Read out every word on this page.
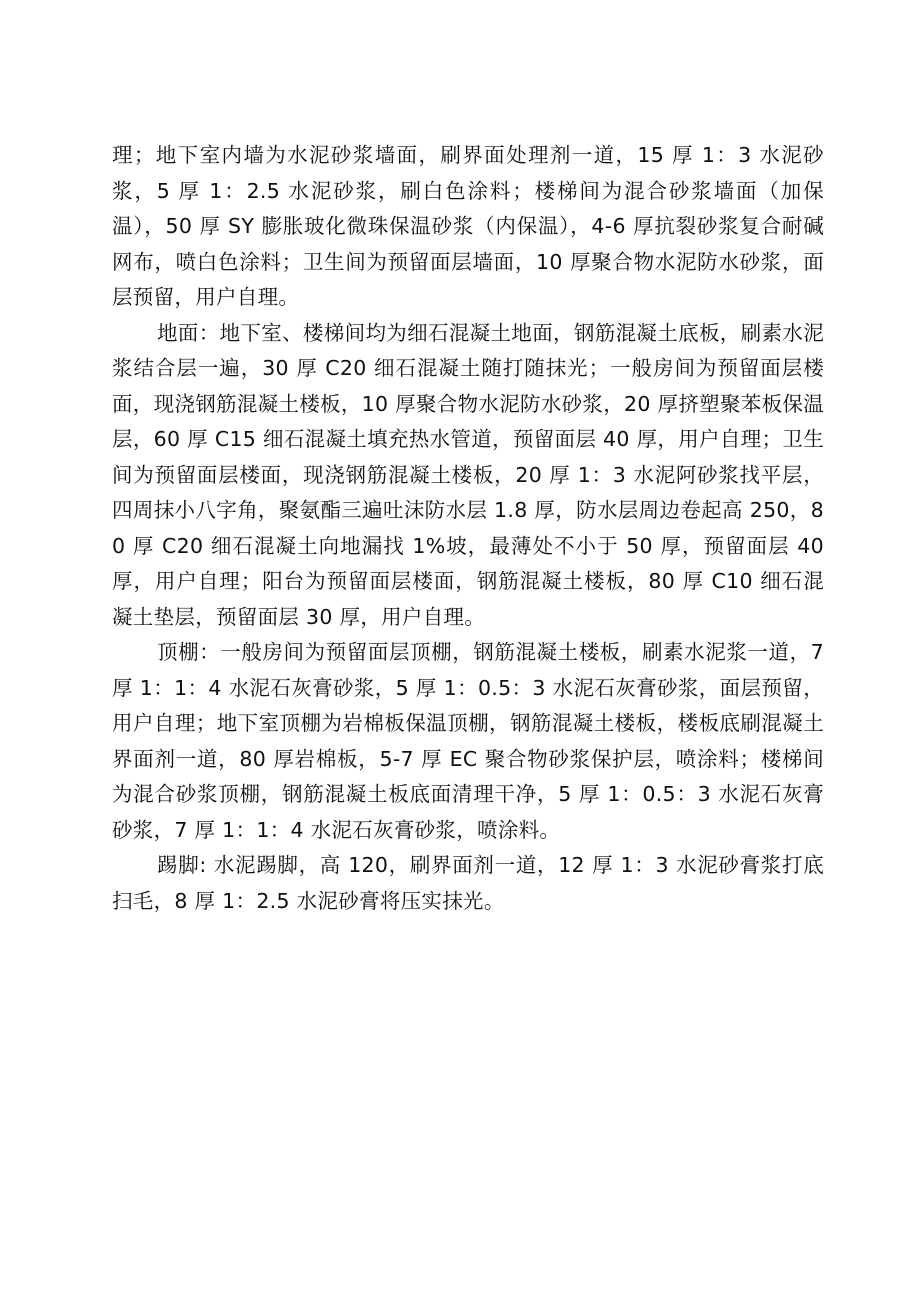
理；地下室内墙为水泥砂浆墙面，刷界面处理剂一道，15 厚 1：3 水泥砂浆，5 厚 1：2.5 水泥砂浆，刷白色涂料；楼梯间为混合砂浆墙面（加保温），50 厚 SY 膨胀玻化微珠保温砂浆（内保温），4-6 厚抗裂砂浆复合耐碱网布，喷白色涂料；卫生间为预留面层墙面，10 厚聚合物水泥防水砂浆，面层预留，用户自理。

地面：地下室、楼梯间均为细石混凝土地面，钢筋混凝土底板，刷素水泥浆结合层一遍，30 厚 C20 细石混凝土随打随抹光；一般房间为预留面层楼面，现浇钢筋混凝土楼板，10 厚聚合物水泥防水砂浆，20 厚挤塑聚苯板保温层，60 厚 C15 细石混凝土填充热水管道，预留面层 40 厚，用户自理；卫生间为预留面层楼面，现浇钢筋混凝土楼板，20 厚 1：3 水泥阿砂浆找平层，四周抹小八字角，聚氨酯三遍吐沫防水层 1.8 厚，防水层周边卷起高 250，80 厚 C20 细石混凝土向地漏找 1%坡，最薄处不小于 50 厚，预留面层 40 厚，用户自理；阳台为预留面层楼面，钢筋混凝土楼板，80 厚 C10 细石混凝土垫层，预留面层 30 厚，用户自理。

顶棚：一般房间为预留面层顶棚，钢筋混凝土楼板，刷素水泥浆一道，7 厚 1：1：4 水泥石灰膏砂浆，5 厚 1：0.5：3 水泥石灰膏砂浆，面层预留，用户自理；地下室顶棚为岩棉板保温顶棚，钢筋混凝土楼板，楼板底刷混凝土界面剂一道，80 厚岩棉板，5-7 厚 EC 聚合物砂浆保护层，喷涂料；楼梯间为混合砂浆顶棚，钢筋混凝土板底面清理干净，5 厚 1：0.5：3 水泥石灰膏砂浆，7 厚 1：1：4 水泥石灰膏砂浆，喷涂料。

踢脚: 水泥踢脚，高 120，刷界面剂一道，12 厚 1：3 水泥砂膏浆打底扫毛，8 厚 1：2.5 水泥砂膏将压实抹光。
